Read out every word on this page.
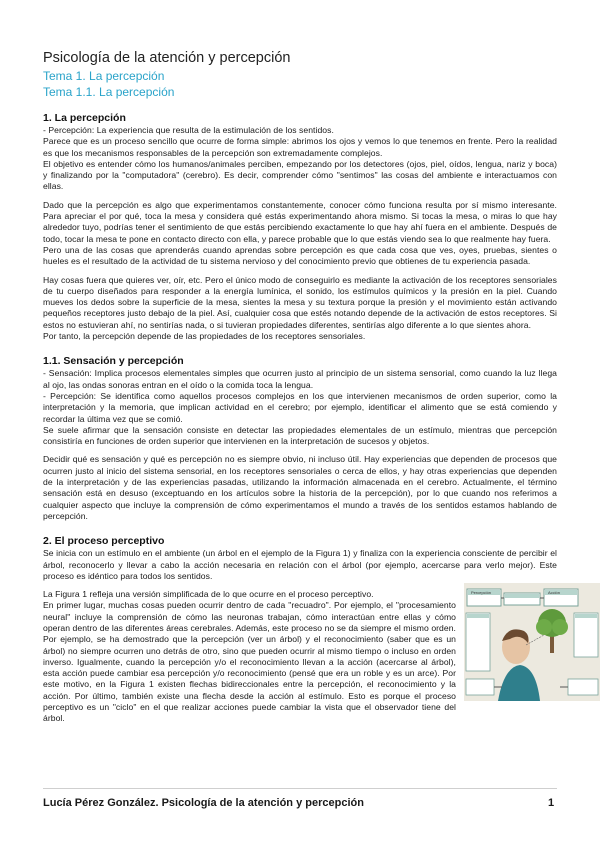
Psicología de la atención y percepción
Tema 1. La percepción
Tema 1.1. La percepción
1. La percepción

- Percepción: La experiencia que resulta de la estimulación de los sentidos.

Parece que es un proceso sencillo que ocurre de forma simple: abrimos los ojos y vemos lo que tenemos en frente. Pero la realidad es que los mecanismos responsables de la percepción son extremadamente complejos.

El objetivo es entender cómo los humanos/animales perciben, empezando por los detectores (ojos, piel, oídos, lengua, nariz y boca) y finalizando por la "computadora" (cerebro). Es decir, comprender cómo "sentimos" las cosas del ambiente e interactuamos con ellas.

Dado que la percepción es algo que experimentamos constantemente, conocer cómo funciona resulta por sí mismo interesante. Para apreciar el por qué, toca la mesa y considera qué estás experimentando ahora mismo. Si tocas la mesa, o miras lo que hay alrededor tuyo, podrías tener el sentimiento de que estás percibiendo exactamente lo que hay ahí fuera en el ambiente. Después de todo, tocar la mesa te pone en contacto directo con ella, y parece probable que lo que estás viendo sea lo que realmente hay fuera.

Pero una de las cosas que aprenderás cuando aprendas sobre percepción es que cada cosa que ves, oyes, pruebas, sientes o hueles es el resultado de la actividad de tu sistema nervioso y del conocimiento previo que obtienes de tu experiencia pasada.

Hay cosas fuera que quieres ver, oír, etc. Pero el único modo de conseguirlo es mediante la activación de los receptores sensoriales de tu cuerpo diseñados para responder a la energía lumínica, el sonido, los estímulos químicos y la presión en la piel. Cuando mueves los dedos sobre la superficie de la mesa, sientes la mesa y su textura porque la presión y el movimiento están activando pequeños receptores justo debajo de la piel. Así, cualquier cosa que estés notando depende de la activación de estos receptores. Si estos no estuvieran ahí, no sentirías nada, o si tuvieran propiedades diferentes, sentirías algo diferente a lo que sientes ahora.

Por tanto, la percepción depende de las propiedades de los receptores sensoriales.

1.1. Sensación y percepción

- Sensación: Implica procesos elementales simples que ocurren justo al principio de un sistema sensorial, como cuando la luz llega al ojo, las ondas sonoras entran en el oído o la comida toca la lengua.

- Percepción: Se identifica como aquellos procesos complejos en los que intervienen mecanismos de orden superior, como la interpretación y la memoria, que implican actividad en el cerebro; por ejemplo, identificar el alimento que se está comiendo y recordar la última vez que se comió.

Se suele afirmar que la sensación consiste en detectar las propiedades elementales de un estímulo, mientras que percepción consistiría en funciones de orden superior que intervienen en la interpretación de sucesos y objetos.

Decidir qué es sensación y qué es percepción no es siempre obvio, ni incluso útil. Hay experiencias que dependen de procesos que ocurren justo al inicio del sistema sensorial, en los receptores sensoriales o cerca de ellos, y hay otras experiencias que dependen de la interpretación y de las experiencias pasadas, utilizando la información almacenada en el cerebro. Actualmente, el término sensación está en desuso (exceptuando en los artículos sobre la historia de la percepción), por lo que cuando nos referimos a cualquier aspecto que incluye la comprensión de cómo experimentamos el mundo a través de los sentidos estamos hablando de percepción.

2. El proceso perceptivo

Se inicia con un estímulo en el ambiente (un árbol en el ejemplo de la Figura 1) y finaliza con la experiencia consciente de percibir el árbol, reconocerlo y llevar a cabo la acción necesaria en relación con el árbol (por ejemplo, acercarse para verlo mejor). Este proceso es idéntico para todos los sentidos.

Percepción	Acción

La Figura 1 refleja una versión simplificada de lo que ocurre en el proceso perceptivo.

En primer lugar, muchas cosas pueden ocurrir dentro de cada "recuadro". Por ejemplo, el "procesamiento neural" incluye la comprensión de cómo las neuronas trabajan, cómo interactúan entre ellas y cómo operan dentro de las diferentes áreas cerebrales. Además, este proceso no se da siempre el mismo orden. Por ejemplo, se ha demostrado que la percepción (ver un árbol) y el reconocimiento (saber que es un árbol) no siempre ocurren uno detrás de otro, sino que pueden ocurrir al mismo tiempo o incluso en orden inverso. Igualmente, cuando la percepción y/o el reconocimiento llevan a la acción (acercarse al árbol), esta acción puede cambiar esa percepción y/o reconocimiento (pensé que era un roble y es un arce). Por este motivo, en la Figura 1 existen flechas bidireccionales entre la percepción, el reconocimiento y la acción. Por último, también existe una flecha desde la acción al estímulo. Esto es porque el proceso perceptivo es un "ciclo" en el que realizar acciones puede cambiar la vista que el observador tiene del árbol.

Lucía Pérez González. Psicología de la atención y percepción	1
